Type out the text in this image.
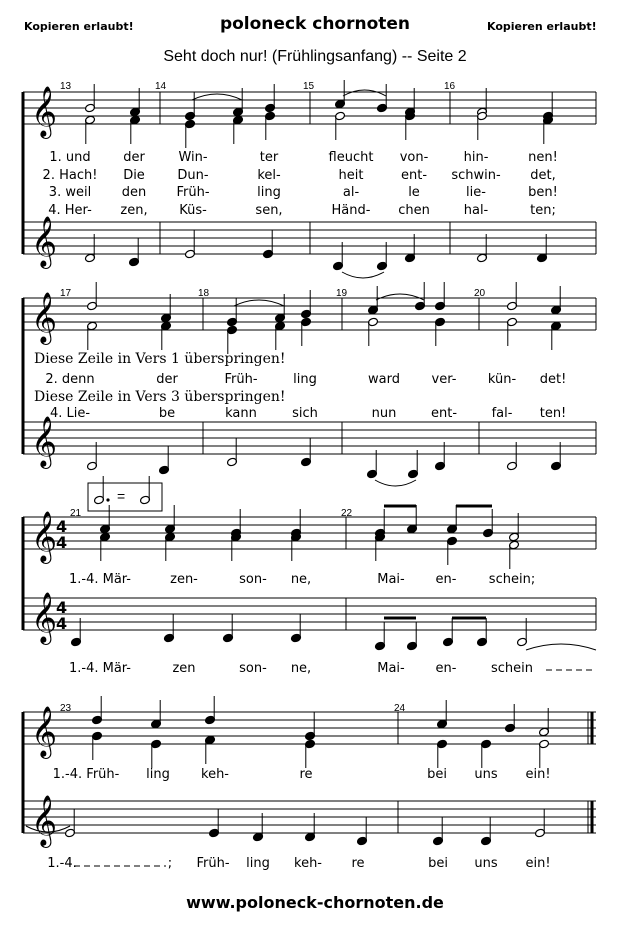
Kopieren erlaubt!	poloneck chornoten	Kopieren erlaubt!
Seht doch nur! (Frühlingsanfang) -- Seite 2
𝄞
𝄞
𝄞
𝄞
𝄞
𝄞
4
4
4
4
𝄞
𝄞
13	14	15	16
1. und	der	Win-	ter	fleucht von-	hin-	nen!
2. Hach! Die	Dun-	kel-	heit	ent- schwin- det,
3. weil den Früh-	ling	al-	le	lie-	ben!
4. Her- zen, Küs-	sen,	Händ- chen	hal-	ten;
17	18	19	20
Diese Zeile in Vers 1 überspringen!
2. denn	der	Früh-	ling	ward ver- kün- det!
Diese Zeile in Vers 3 überspringen!
4. Lie-	be	kann	sich	nun	ent-	fal- ten!
21	22
=
1.-4. Mär-	zen-	son- ne,	Mai- en- schein;
1.-4. Mär-	zen	son- ne,	Mai- en-	schein
23	24
1.-4. Früh- ling keh-	re	bei uns ein!
1.-4.	; Früh- ling keh- re	bei uns ein!
www.poloneck-chornoten.de
